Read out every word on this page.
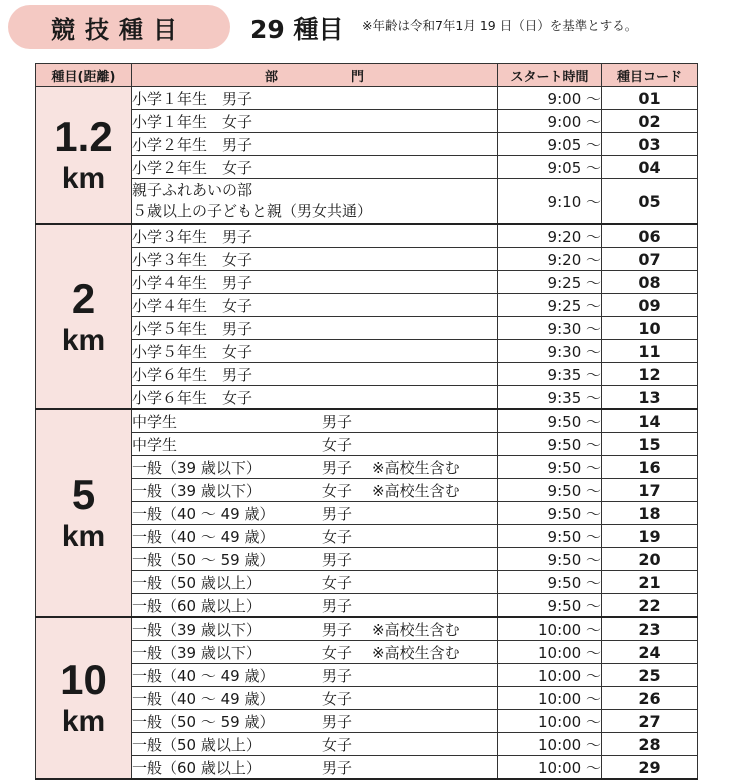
競技種目	29 種目 ※年齢は令和7年1月 19 日（日）を基準とする。
種目(距離)	部　門	スタート時間	種目コード

1.2
km	小学１年生　男子	9:00 ～	01
	小学１年生　女子	9:00 ～	02
	小学２年生　男子	9:05 ～	03
	小学２年生　女子	9:05 ～	04

	親子ふれあいの部
５歳以上の子どもと親（男女共通）	9:10 ～	05

2
km	小学３年生　男子	9:20 ～	06
	小学３年生　女子	9:20 ～	07
	小学４年生　男子	9:25 ～	08
	小学４年生　女子	9:25 ～	09
	小学５年生　男子	9:30 ～	10
	小学５年生　女子	9:30 ～	11
	小学６年生　男子	9:35 ～	12
	小学６年生　女子	9:35 ～	13

5
km	中学生 男子	9:50 ～	14
	中学生 女子	9:50 ～	15
	一般（39 歳以下） 男子 ※高校生含む	9:50 ～	16
	一般（39 歳以下） 女子 ※高校生含む	9:50 ～	17
	一般（40 ～ 49 歳） 男子	9:50 ～	18
	一般（40 ～ 49 歳） 女子	9:50 ～	19
	一般（50 ～ 59 歳） 男子	9:50 ～	20
	一般（50 歳以上） 女子	9:50 ～	21
	一般（60 歳以上） 男子	9:50 ～	22

10
km	一般（39 歳以下） 男子 ※高校生含む	10:00 ～	23
	一般（39 歳以下） 女子 ※高校生含む	10:00 ～	24
	一般（40 ～ 49 歳） 男子	10:00 ～	25
	一般（40 ～ 49 歳） 女子	10:00 ～	26
	一般（50 ～ 59 歳） 男子	10:00 ～	27
	一般（50 歳以上） 女子	10:00 ～	28
	一般（60 歳以上） 男子	10:00 ～	29
